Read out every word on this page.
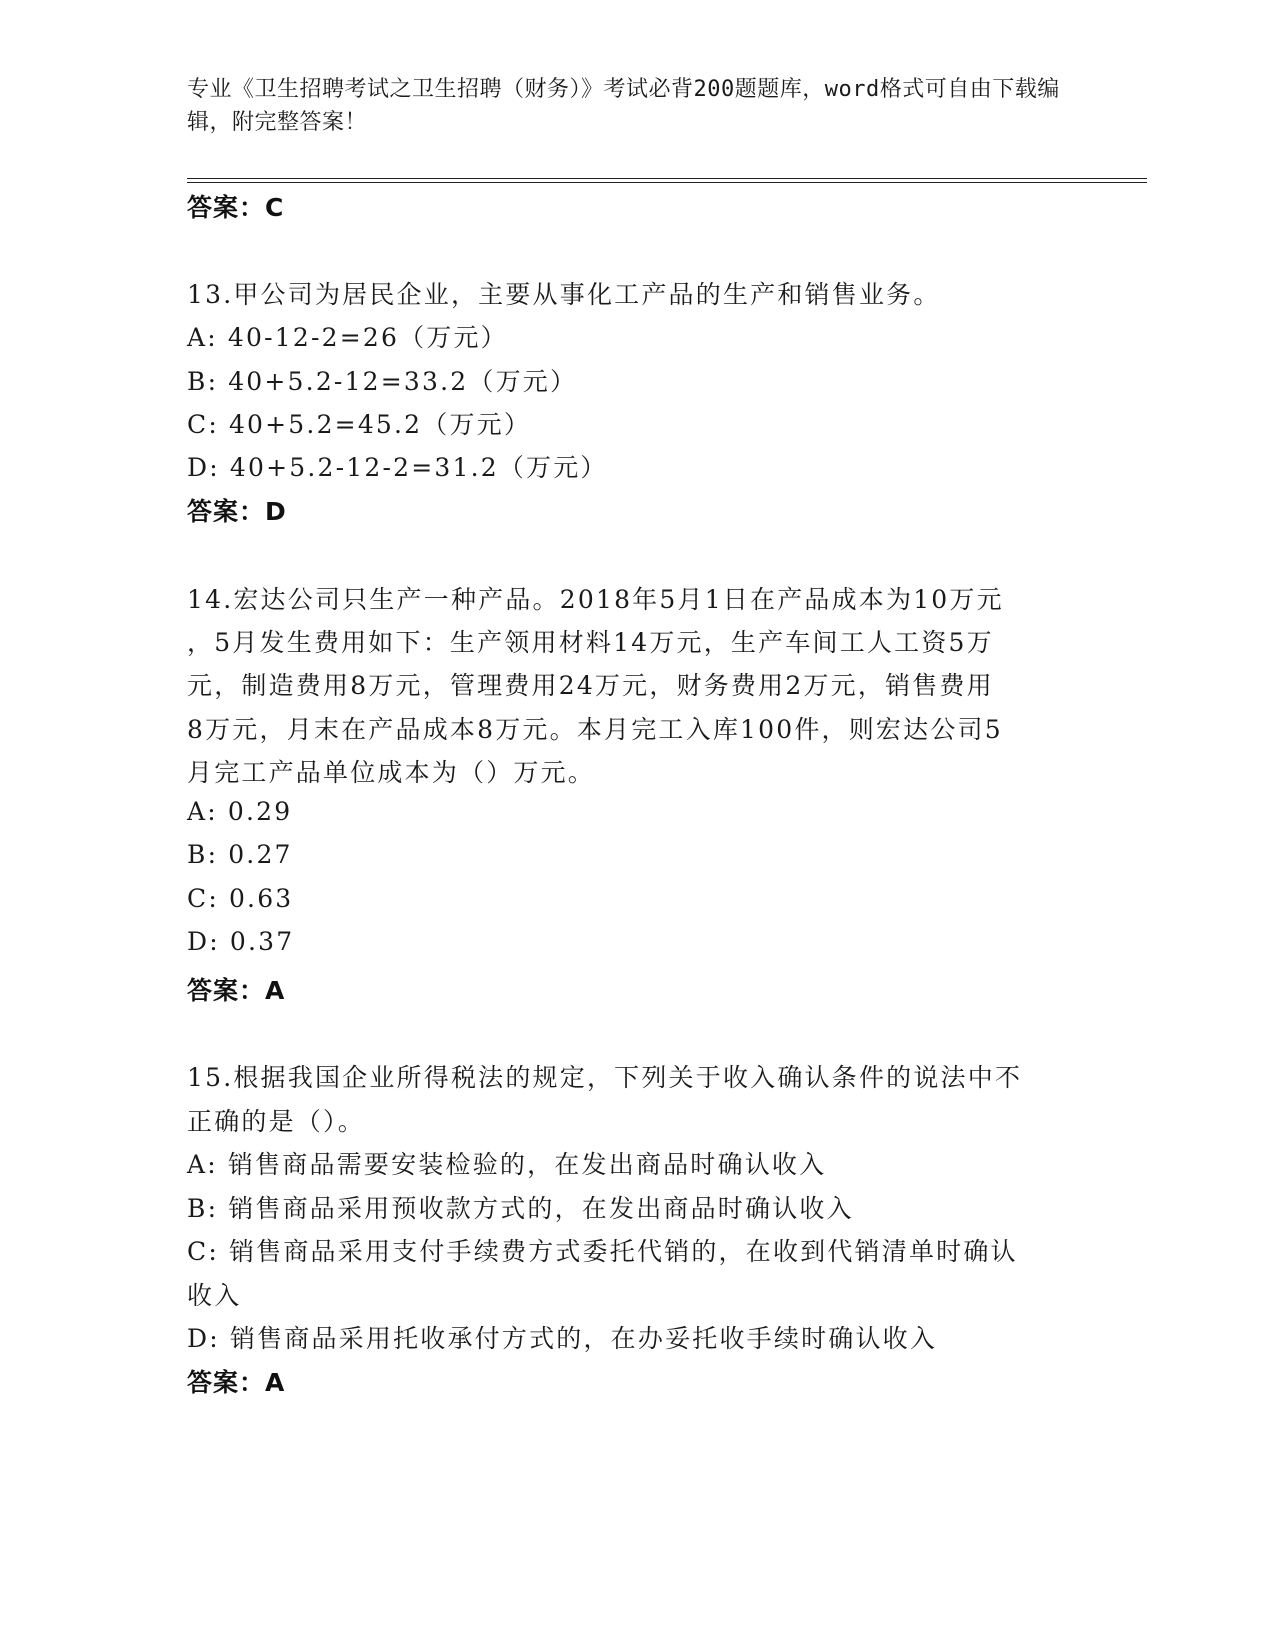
专业《卫生招聘考试之卫生招聘（财务）》考试必背200题题库，word格式可自由下载编辑，附完整答案！
答案：C
13.甲公司为居民企业，主要从事化工产品的生产和销售业务。
A: 40-12-2=26（万元）
B: 40+5.2-12=33.2（万元）
C: 40+5.2=45.2（万元）
D: 40+5.2-12-2=31.2（万元）
答案：D
14.宏达公司只生产一种产品。2018年5月1日在产品成本为10万元
，5月发生费用如下：生产领用材料14万元，生产车间工人工资5万
元，制造费用8万元，管理费用24万元，财务费用2万元，销售费用
8万元，月末在产品成本8万元。本月完工入库100件，则宏达公司5
月完工产品单位成本为（）万元。
A: 0.29
B: 0.27
C: 0.63
D: 0.37
答案：A
15.根据我国企业所得税法的规定，下列关于收入确认条件的说法中不
正确的是（）。
A: 销售商品需要安装检验的，在发出商品时确认收入
B: 销售商品采用预收款方式的，在发出商品时确认收入
C: 销售商品采用支付手续费方式委托代销的，在收到代销清单时确认
收入
D: 销售商品采用托收承付方式的，在办妥托收手续时确认收入
答案：A
